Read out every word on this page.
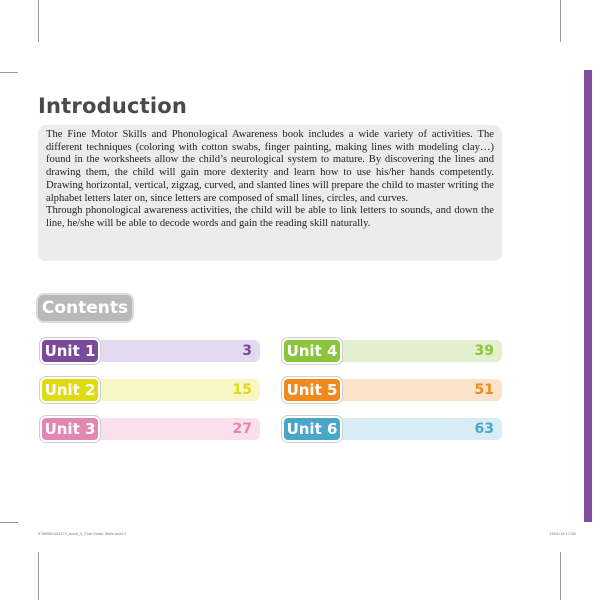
Introduction

The Fine Motor Skills and Phonological Awareness book includes a wide variety of activities. The different techniques (coloring with cotton swabs, finger painting, making lines with modeling clay…) found in the worksheets allow the child’s neurological system to mature. By discovering the lines and drawing them, the child will gain more dexterity and learn how to use his/her hands competently. Drawing horizontal, vertical, zigzag, curved, and slanted lines will prepare the child to master writing the alphabet letters later on, since letters are composed of small lines, circles, and curves.

Through phonological awareness activities, the child will be able to link letters to sounds, and down the line, he/she will be able to decode words and gain the reading skill naturally.

Contents
Unit 1	3
Unit 2	15
Unit 3	27
Unit 4	39
Unit 5	51
Unit 6	63
9789950434372_book_4_Fine Motor Skills.indd 2	13/01/16 17:55
